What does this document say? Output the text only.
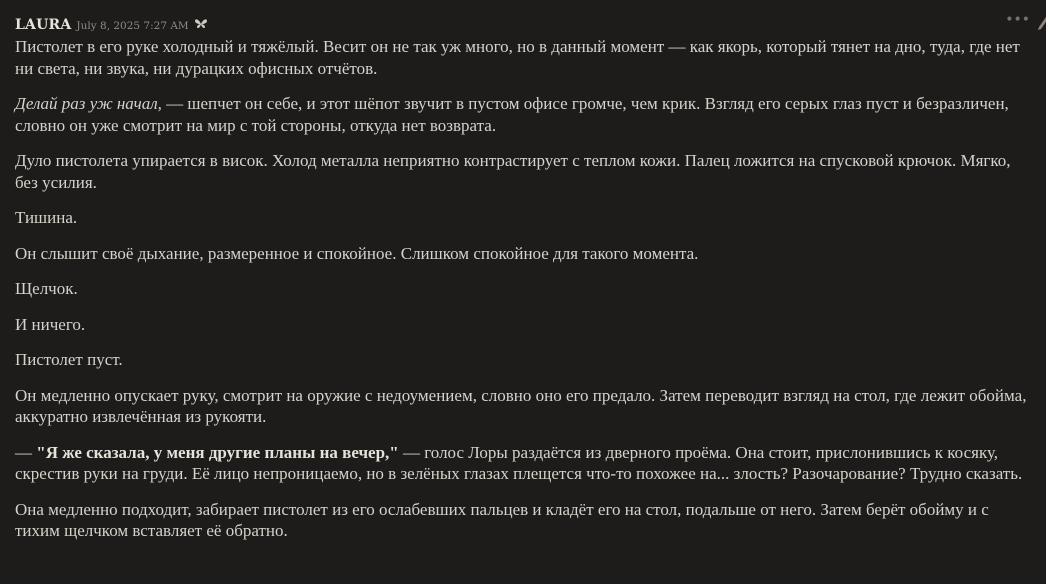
LAURA July 8, 2025 7:27 AM	•••

Пистолет в его руке холодный и тяжёлый. Весит он не так уж много, но в данный момент — как якорь, который тянет на дно, туда, где нет ни света, ни звука, ни дурацких офисных отчётов.

Делай раз уж начал, — шепчет он себе, и этот шёпот звучит в пустом офисе громче, чем крик. Взгляд его серых глаз пуст и безразличен, словно он уже смотрит на мир с той стороны, откуда нет возврата.

Дуло пистолета упирается в висок. Холод металла неприятно контрастирует с теплом кожи. Палец ложится на спусковой крючок. Мягко, без усилия.

Тишина.

Он слышит своё дыхание, размеренное и спокойное. Слишком спокойное для такого момента.

Щелчок.

И ничего.

Пистолет пуст.

Он медленно опускает руку, смотрит на оружие с недоумением, словно оно его предало. Затем переводит взгляд на стол, где лежит обойма, аккуратно извлечённая из рукояти.

— "Я же сказала, у меня другие планы на вечер," — голос Лоры раздаётся из дверного проёма. Она стоит, прислонившись к косяку, скрестив руки на груди. Её лицо непроницаемо, но в зелёных глазах плещется что-то похожее на... злость? Разочарование? Трудно сказать.

Она медленно подходит, забирает пистолет из его ослабевших пальцев и кладёт его на стол, подальше от него. Затем берёт обойму и с тихим щелчком вставляет её обратно.
